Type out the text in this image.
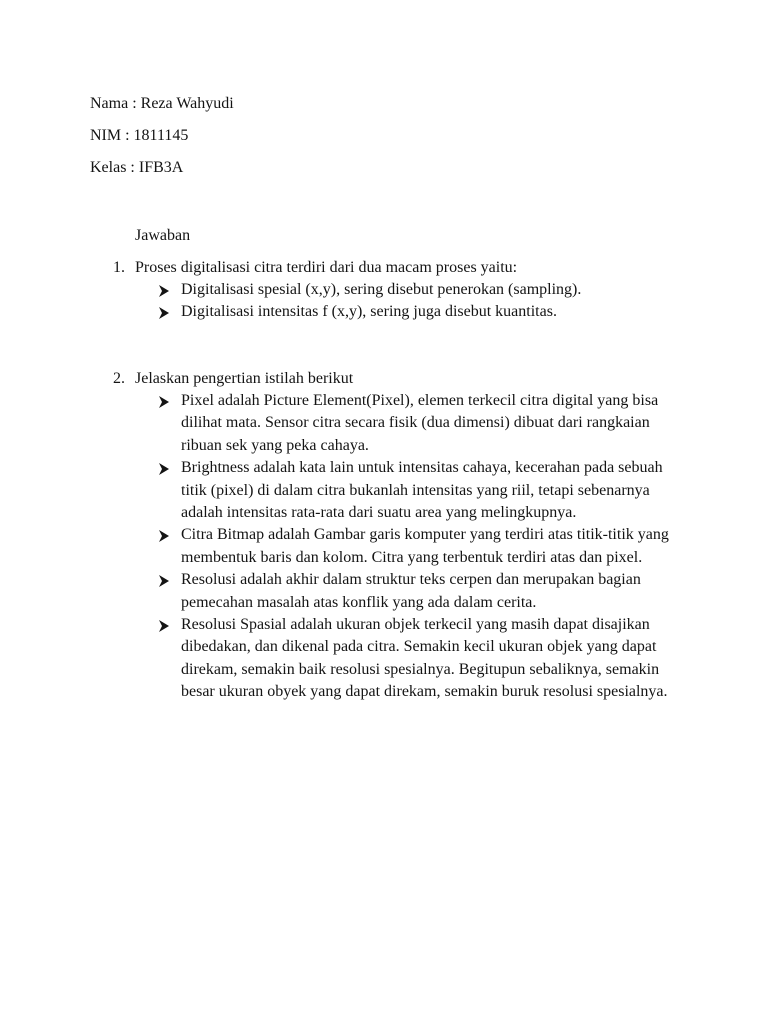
Nama : Reza Wahyudi
NIM : 1811145
Kelas : IFB3A
Jawaban
1. Proses digitalisasi citra terdiri dari dua macam proses yaitu:
Digitalisasi spesial (x,y), sering disebut penerokan (sampling).
Digitalisasi intensitas f (x,y), sering juga disebut kuantitas.
2. Jelaskan pengertian istilah berikut
Pixel adalah Picture Element(Pixel), elemen terkecil citra digital yang bisa dilihat mata. Sensor citra secara fisik (dua dimensi) dibuat dari rangkaian ribuan sek yang peka cahaya.
Brightness adalah kata lain untuk intensitas cahaya, kecerahan pada sebuah titik (pixel) di dalam citra bukanlah intensitas yang riil, tetapi sebenarnya adalah intensitas rata-rata dari suatu area yang melingkupnya.
Citra Bitmap adalah Gambar garis komputer yang terdiri atas titik-titik yang membentuk baris dan kolom. Citra yang terbentuk terdiri atas dan pixel.
Resolusi adalah akhir dalam struktur teks cerpen dan merupakan bagian pemecahan masalah atas konflik yang ada dalam cerita.
Resolusi Spasial adalah ukuran objek terkecil yang masih dapat disajikan dibedakan, dan dikenal pada citra. Semakin kecil ukuran objek yang dapat direkam, semakin baik resolusi spesialnya. Begitupun sebaliknya, semakin besar ukuran obyek yang dapat direkam, semakin buruk resolusi spesialnya.
